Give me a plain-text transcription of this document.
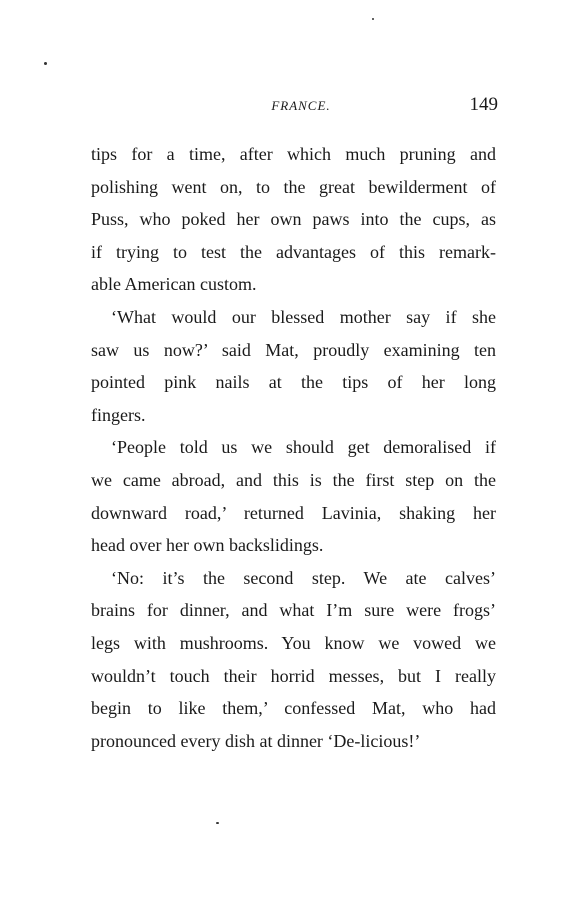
FRANCE.	149

tips for a time, after which much pruning and
polishing went on, to the great bewilderment of
Puss, who poked her own paws into the cups, as
if trying to test the advantages of this remark-
able American custom.

‘What would our blessed mother say if she
saw us now?’ said Mat, proudly examining ten
pointed pink nails at the tips of her long
fingers.

‘People told us we should get demoralised if
we came abroad, and this is the first step on the
downward road,’ returned Lavinia, shaking her
head over her own backslidings.

‘No: it’s the second step. We ate calves’
brains for dinner, and what I’m sure were frogs’
legs with mushrooms. You know we vowed we
wouldn’t touch their horrid messes, but I really
begin to like them,’ confessed Mat, who had
pronounced every dish at dinner ‘De-licious!’
